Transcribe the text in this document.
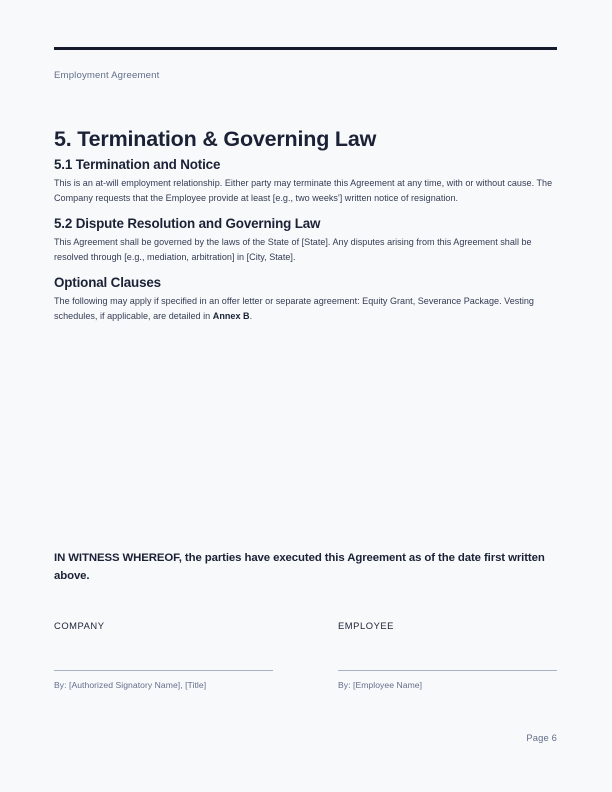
Employment Agreement
5. Termination & Governing Law
5.1 Termination and Notice

This is an at-will employment relationship. Either party may terminate this Agreement at any time, with or without cause. The Company requests that the Employee provide at least [e.g., two weeks'] written notice of resignation.

5.2 Dispute Resolution and Governing Law

This Agreement shall be governed by the laws of the State of [State]. Any disputes arising from this Agreement shall be resolved through [e.g., mediation, arbitration] in [City, State].

Optional Clauses

The following may apply if specified in an offer letter or separate agreement: Equity Grant, Severance Package. Vesting schedules, if applicable, are detailed in Annex B.

IN WITNESS WHEREOF, the parties have executed this Agreement as of the date first written above.
COMPANY
By: [Authorized Signatory Name], [Title]
EMPLOYEE
By: [Employee Name]
Page 6
